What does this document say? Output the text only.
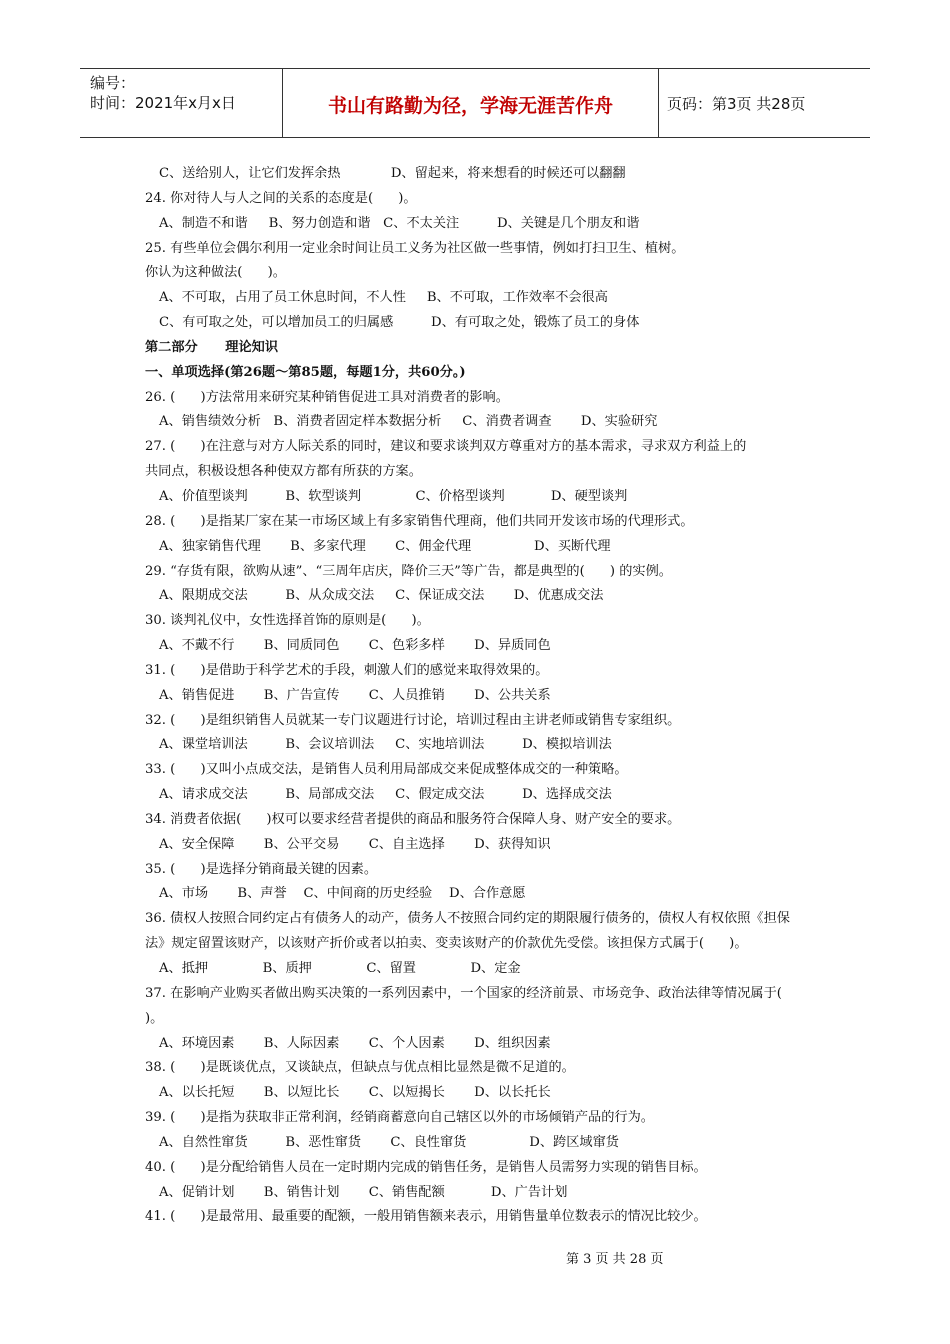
编号：
时间：2021年x月x日	书山有路勤为径，学海无涯苦作舟	页码：第3页 共28页
C、送给别人，让它们发挥余热            D、留起来，将来想看的时候还可以翻翻
24. 你对待人与人之间的关系的态度是(      )。
A、制造不和谐     B、努力创造和谐   C、不太关注         D、关键是几个朋友和谐
25. 有些单位会偶尔利用一定业余时间让员工义务为社区做一些事情，例如打扫卫生、植树。
你认为这种做法(      )。
A、不可取，占用了员工休息时间，不人性     B、不可取，工作效率不会很高
C、有可取之处，可以增加员工的归属感         D、有可取之处，锻炼了员工的身体
第二部分      理论知识
一、单项选择(第26题～第85题，每题1分，共60分。)
26. (      )方法常用来研究某种销售促进工具对消费者的影响。
A、销售绩效分析   B、消费者固定样本数据分析     C、消费者调查       D、实验研究
27. (      )在注意与对方人际关系的同时，建议和要求谈判双方尊重对方的基本需求，寻求双方利益上的
共同点，积极设想各种使双方都有所获的方案。
A、价值型谈判         B、软型谈判             C、价格型谈判           D、硬型谈判
28. (      )是指某厂家在某一市场区域上有多家销售代理商，他们共同开发该市场的代理形式。
A、独家销售代理       B、多家代理       C、佣金代理               D、买断代理
29. “存货有限，欲购从速”、“三周年店庆，降价三天”等广告，都是典型的(      ) 的实例。
A、限期成交法         B、从众成交法     C、保证成交法       D、优惠成交法
30. 谈判礼仪中，女性选择首饰的原则是(      )。
A、不戴不行       B、同质同色       C、色彩多样       D、异质同色
31. (      )是借助于科学艺术的手段，刺激人们的感觉来取得效果的。
A、销售促进       B、广告宣传       C、人员推销       D、公共关系
32. (      )是组织销售人员就某一专门议题进行讨论，培训过程由主讲老师或销售专家组织。
A、课堂培训法         B、会议培训法     C、实地培训法         D、模拟培训法
33. (      )又叫小点成交法，是销售人员利用局部成交来促成整体成交的一种策略。
A、请求成交法         B、局部成交法     C、假定成交法         D、选择成交法
34. 消费者依据(      )权可以要求经营者提供的商品和服务符合保障人身、财产安全的要求。
A、安全保障       B、公平交易       C、自主选择       D、获得知识
35. (      )是选择分销商最关键的因素。
A、市场       B、声誉    C、中间商的历史经验    D、合作意愿
36. 债权人按照合同约定占有债务人的动产，债务人不按照合同约定的期限履行债务的，债权人有权依照《担保
法》规定留置该财产，以该财产折价或者以拍卖、变卖该财产的价款优先受偿。该担保方式属于(      )。
A、抵押             B、质押             C、留置             D、定金
37. 在影响产业购买者做出购买决策的一系列因素中，一个国家的经济前景、市场竞争、政治法律等情况属于(
)。
A、环境因素       B、人际因素       C、个人因素       D、组织因素
38. (      )是既谈优点，又谈缺点，但缺点与优点相比显然是微不足道的。
A、以长托短       B、以短比长       C、以短揭长       D、以长托长
39. (      )是指为获取非正常利润，经销商蓄意向自己辖区以外的市场倾销产品的行为。
A、自然性窜货         B、恶性窜货       C、良性窜货               D、跨区域窜货
40. (      )是分配给销售人员在一定时期内完成的销售任务，是销售人员需努力实现的销售目标。
A、促销计划       B、销售计划       C、销售配额           D、广告计划
41. (      )是最常用、最重要的配额，一般用销售额来表示，用销售量单位数表示的情况比较少。
第 3 页 共 28 页
